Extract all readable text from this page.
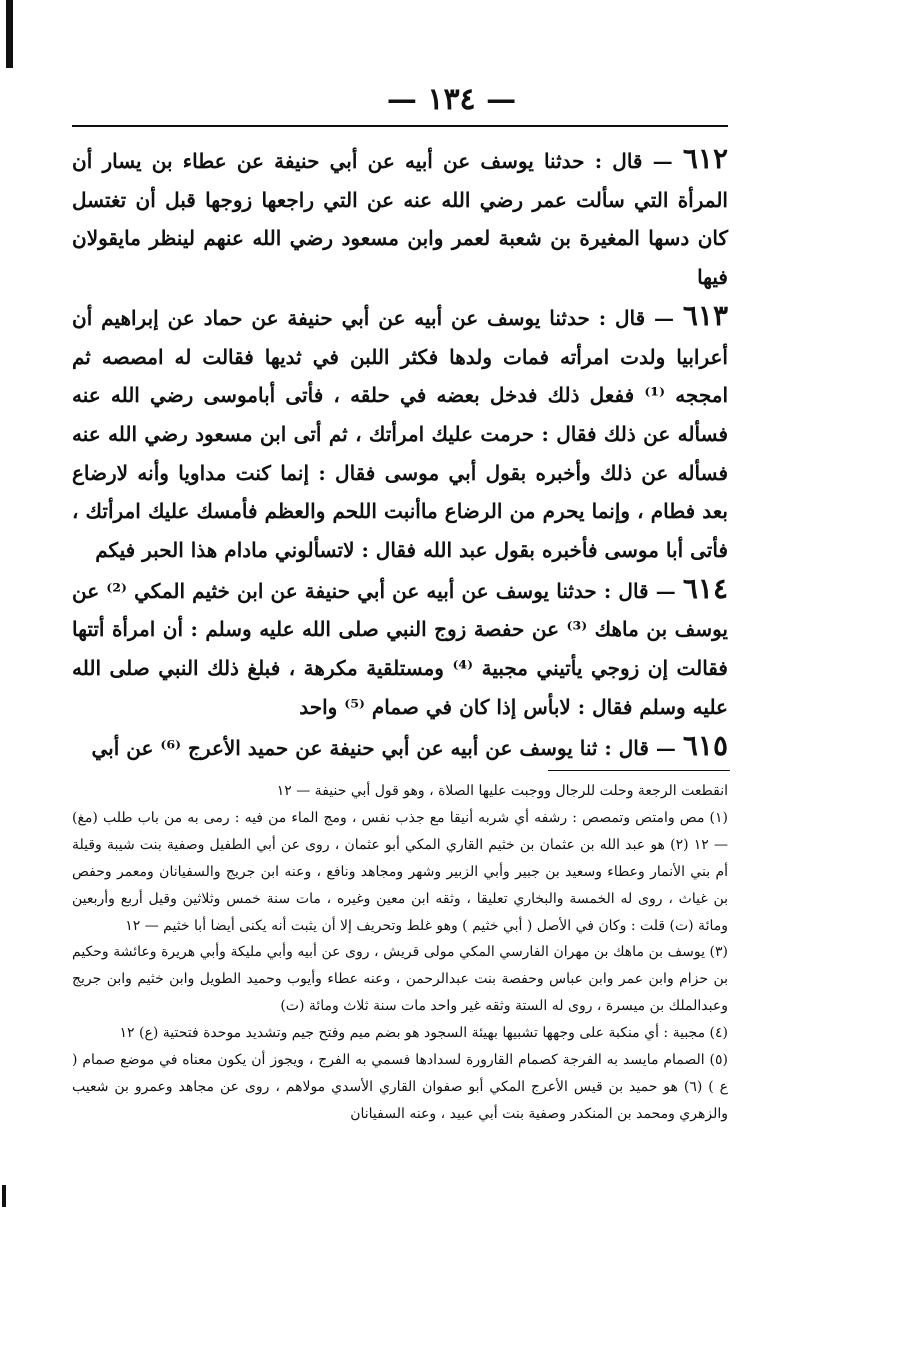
— ١٣٤ —

٦١٢ — قال : حدثنا يوسف عن أبيه عن أبي حنيفة عن عطاء بن يسار أن المرأة التي سألت عمر رضي الله عنه عن التي راجعها زوجها قبل أن تغتسل كان دسها المغيرة بن شعبة لعمر وابن مسعود رضي الله عنهم لينظر مايقولان فيها

٦١٣ — قال : حدثنا يوسف عن أبيه عن أبي حنيفة عن حماد عن إبراهيم أن أعرابيا ولدت امرأته فمات ولدها فكثر اللبن في ثديها فقالت له امصصه ثم امججه ⁽¹⁾ ففعل ذلك فدخل بعضه في حلقه ، فأتى أباموسى رضي الله عنه فسأله عن ذلك فقال : حرمت عليك امرأتك ، ثم أتى ابن مسعود رضي الله عنه فسأله عن ذلك وأخبره بقول أبي موسى فقال : إنما كنت مداويا وأنه لارضاع بعد فطام ، وإنما يحرم من الرضاع ماأنبت اللحم والعظم فأمسك عليك امرأتك ، فأتى أبا موسى فأخبره بقول عبد الله فقال : لاتسألوني مادام هذا الحبر فيكم

٦١٤ — قال : حدثنا يوسف عن أبيه عن أبي حنيفة عن ابن خثيم المكي ⁽²⁾ عن يوسف بن ماهك ⁽³⁾ عن حفصة زوج النبي صلى الله عليه وسلم : أن امرأة أتتها فقالت إن زوجي يأتيني مجبية ⁽⁴⁾ ومستلقية مكرهة ، فبلغ ذلك النبي صلى الله عليه وسلم فقال : لابأس إذا كان في صمام ⁽⁵⁾ واحد

٦١٥ — قال : ثنا يوسف عن أبيه عن أبي حنيفة عن حميد الأعرج ⁽⁶⁾ عن أبي

انقطعت الرجعة وحلت للرجال ووجبت عليها الصلاة ، وهو قول أبي حنيفة — ١٢

(١) مص وامتص وتمصص : رشفه أي شربه أنيقا مع جذب نفس ، ومج الماء من فيه : رمى به من باب طلب (مغ) — ١٢ (٢) هو عبد الله بن عثمان بن خثيم القاري المكي أبو عثمان ، روى عن أبي الطفيل وصفية بنت شيبة وقيلة أم بني الأنمار وعطاء وسعيد بن جبير وأبي الزبير وشهر ومجاهد ونافع ، وعنه ابن جريج والسفيانان ومعمر وحفص بن غياث ، روى له الخمسة والبخاري تعليقا ، وثقه ابن معين وغيره ، مات سنة خمس وثلاثين وقيل أربع وأربعين ومائة (ت) قلت : وكان في الأصل ( أبي خثيم ) وهو غلط وتحريف إلا أن يثبت أنه يكنى أيضا أبا خثيم — ١٢

(٣) يوسف بن ماهك بن مهران الفارسي المكي مولى قريش ، روى عن أبيه وأبي مليكة وأبي هريرة وعائشة وحكيم بن حزام وابن عمر وابن عباس وحفصة بنت عبدالرحمن ، وعنه عطاء وأيوب وحميد الطويل وابن خثيم وابن جريج وعبدالملك بن ميسرة ، روى له الستة وثقه غير واحد مات سنة ثلاث ومائة (ت)

(٤) مجبية : أي منكبة على وجهها تشبيها بهيئة السجود هو بضم ميم وفتح جيم وتشديد موحدة فتحتية (ع) ١٢

(٥) الصمام مايسد به الفرجة كصمام القارورة لسدادها فسمي به الفرج ، ويجوز أن يكون معناه في موضع صمام ( ع ) (٦) هو حميد بن قيس الأعرج المكي أبو صفوان القاري الأسدي مولاهم ، روى عن مجاهد وعمرو بن شعيب والزهري ومحمد بن المنكدر وصفية بنت أبي عبيد ، وعنه السفيانان
